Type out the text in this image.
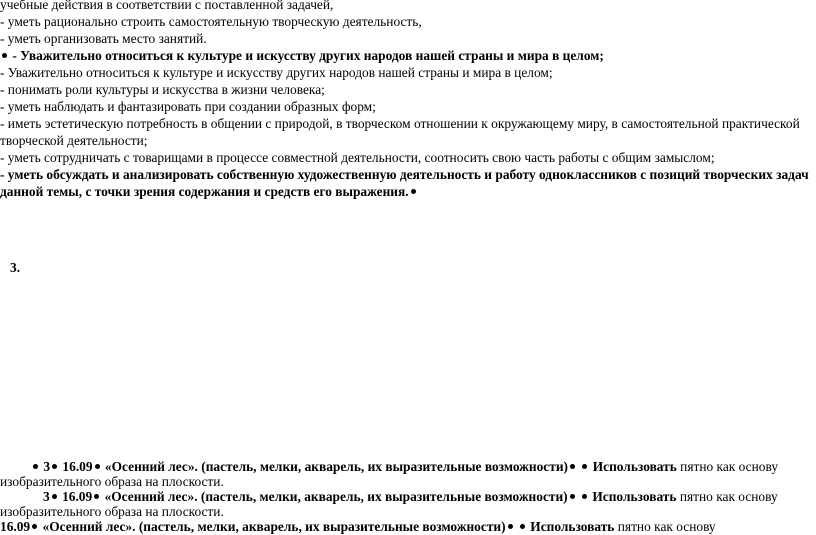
учебные действия в соответствии с поставленной задачей,
- уметь рационально строить самостоятельную творческую деятельность,
- уметь организовать место занятий.
- Уважительно относиться к культуре и искусству других народов нашей страны и мира в целом;
- Уважительно относиться к культуре и искусству других народов нашей страны и мира в целом;
- понимать роли культуры и искусства в жизни человека;
- уметь наблюдать и фантазировать при создании образных форм;
- иметь эстетическую потребность в общении с природой, в творческом отношении к окружающему миру, в самостоятельной практической
творческой деятельности;
- уметь сотрудничать с товарищами в процессе совместной деятельности, соотносить свою часть работы с общим замыслом;
- уметь обсуждать и анализировать собственную художественную деятельность и работу одноклассников с позиций творческих задач
данной темы, с точки зрения содержания и средств его выражения.
3.
3 16.09 «Осенний лес». (пастель, мелки, акварель, их выразительные возможности) Использовать пятно как основу
изобразительного образа на плоскости.
3 16.09 «Осенний лес». (пастель, мелки, акварель, их выразительные возможности) Использовать пятно как основу
изобразительного образа на плоскости.
16.09 «Осенний лес». (пастель, мелки, акварель, их выразительные возможности) Использовать пятно как основу
